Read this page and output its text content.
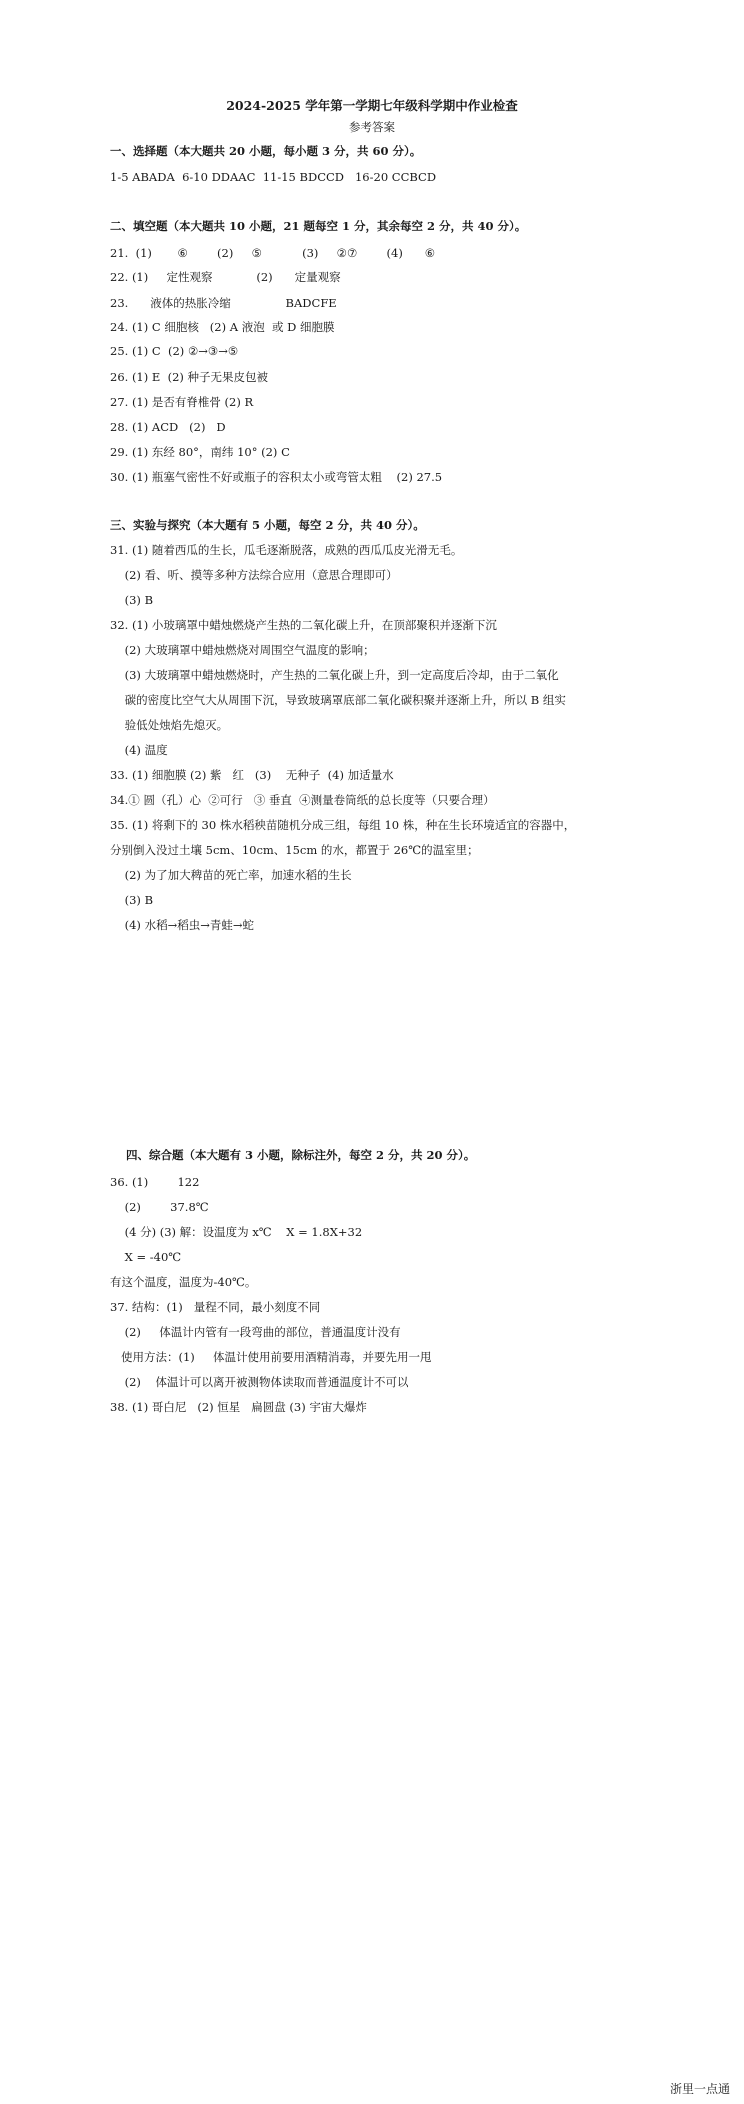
2024-2025 学年第一学期七年级科学期中作业检查
参考答案
一、选择题（本大题共 20 小题，每小题 3 分，共 60 分）。
1-5 ABADA  6-10 DDAAC  11-15 BDCCD   16-20 CCBCD
二、填空题（本大题共 10 小题，21 题每空 1 分，其余每空 2 分，共 40 分）。
21.  (1)       ⑥        (2)     ⑤           (3)     ②⑦        (4)      ⑥
22. (1)     定性观察            (2)      定量观察
23.      液体的热胀冷缩               BADCFE
24. (1) C 细胞核   (2) A 液泡  或 D 细胞膜
25. (1) C  (2) ②→③→⑤
26. (1) E  (2) 种子无果皮包被
27. (1) 是否有脊椎骨 (2) R
28. (1) ACD   (2)   D
29. (1) 东经 80°，南纬 10° (2) C
30. (1) 瓶塞气密性不好或瓶子的容积太小或弯管太粗    (2) 27.5
三、实验与探究（本大题有 5 小题，每空 2 分，共 40 分）。
31. (1) 随着西瓜的生长，瓜毛逐渐脱落，成熟的西瓜瓜皮光滑无毛。
(2) 看、听、摸等多种方法综合应用（意思合理即可）
(3) B
32. (1) 小玻璃罩中蜡烛燃烧产生热的二氧化碳上升，在顶部聚积并逐渐下沉
(2) 大玻璃罩中蜡烛燃烧对周围空气温度的影响；
(3) 大玻璃罩中蜡烛燃烧时，产生热的二氧化碳上升，到一定高度后冷却，由于二氧化
碳的密度比空气大从周围下沉，导致玻璃罩底部二氧化碳积聚并逐渐上升，所以 B 组实
验低处烛焰先熄灭。
(4) 温度
33. (1) 细胞膜 (2) 紫   红   (3)    无种子  (4) 加适量水
34.① 圆（孔）心  ②可行   ③ 垂直  ④测量卷筒纸的总长度等（只要合理）
35. (1) 将剩下的 30 株水稻秧苗随机分成三组，每组 10 株，种在生长环境适宜的容器中，
分别倒入没过土壤 5cm、10cm、15cm 的水，都置于 26℃的温室里；
(2) 为了加大稗苗的死亡率，加速水稻的生长
(3) B
(4) 水稻→稻虫→青蛙→蛇
四、综合题（本大题有 3 小题，除标注外，每空 2 分，共 20 分）。
36. (1)        122
(2)        37.8℃
(4 分) (3) 解：设温度为 x℃    X = 1.8X+32
X = -40℃
有这个温度，温度为-40℃。
37. 结构：(1)   量程不同，最小刻度不同
(2)     体温计内管有一段弯曲的部位，普通温度计没有
使用方法：(1)     体温计使用前要用酒精消毒，并要先用一甩
(2)    体温计可以离开被测物体读取而普通温度计不可以
38. (1) 哥白尼   (2) 恒星   扁圆盘 (3) 宇宙大爆炸
浙里一点通
